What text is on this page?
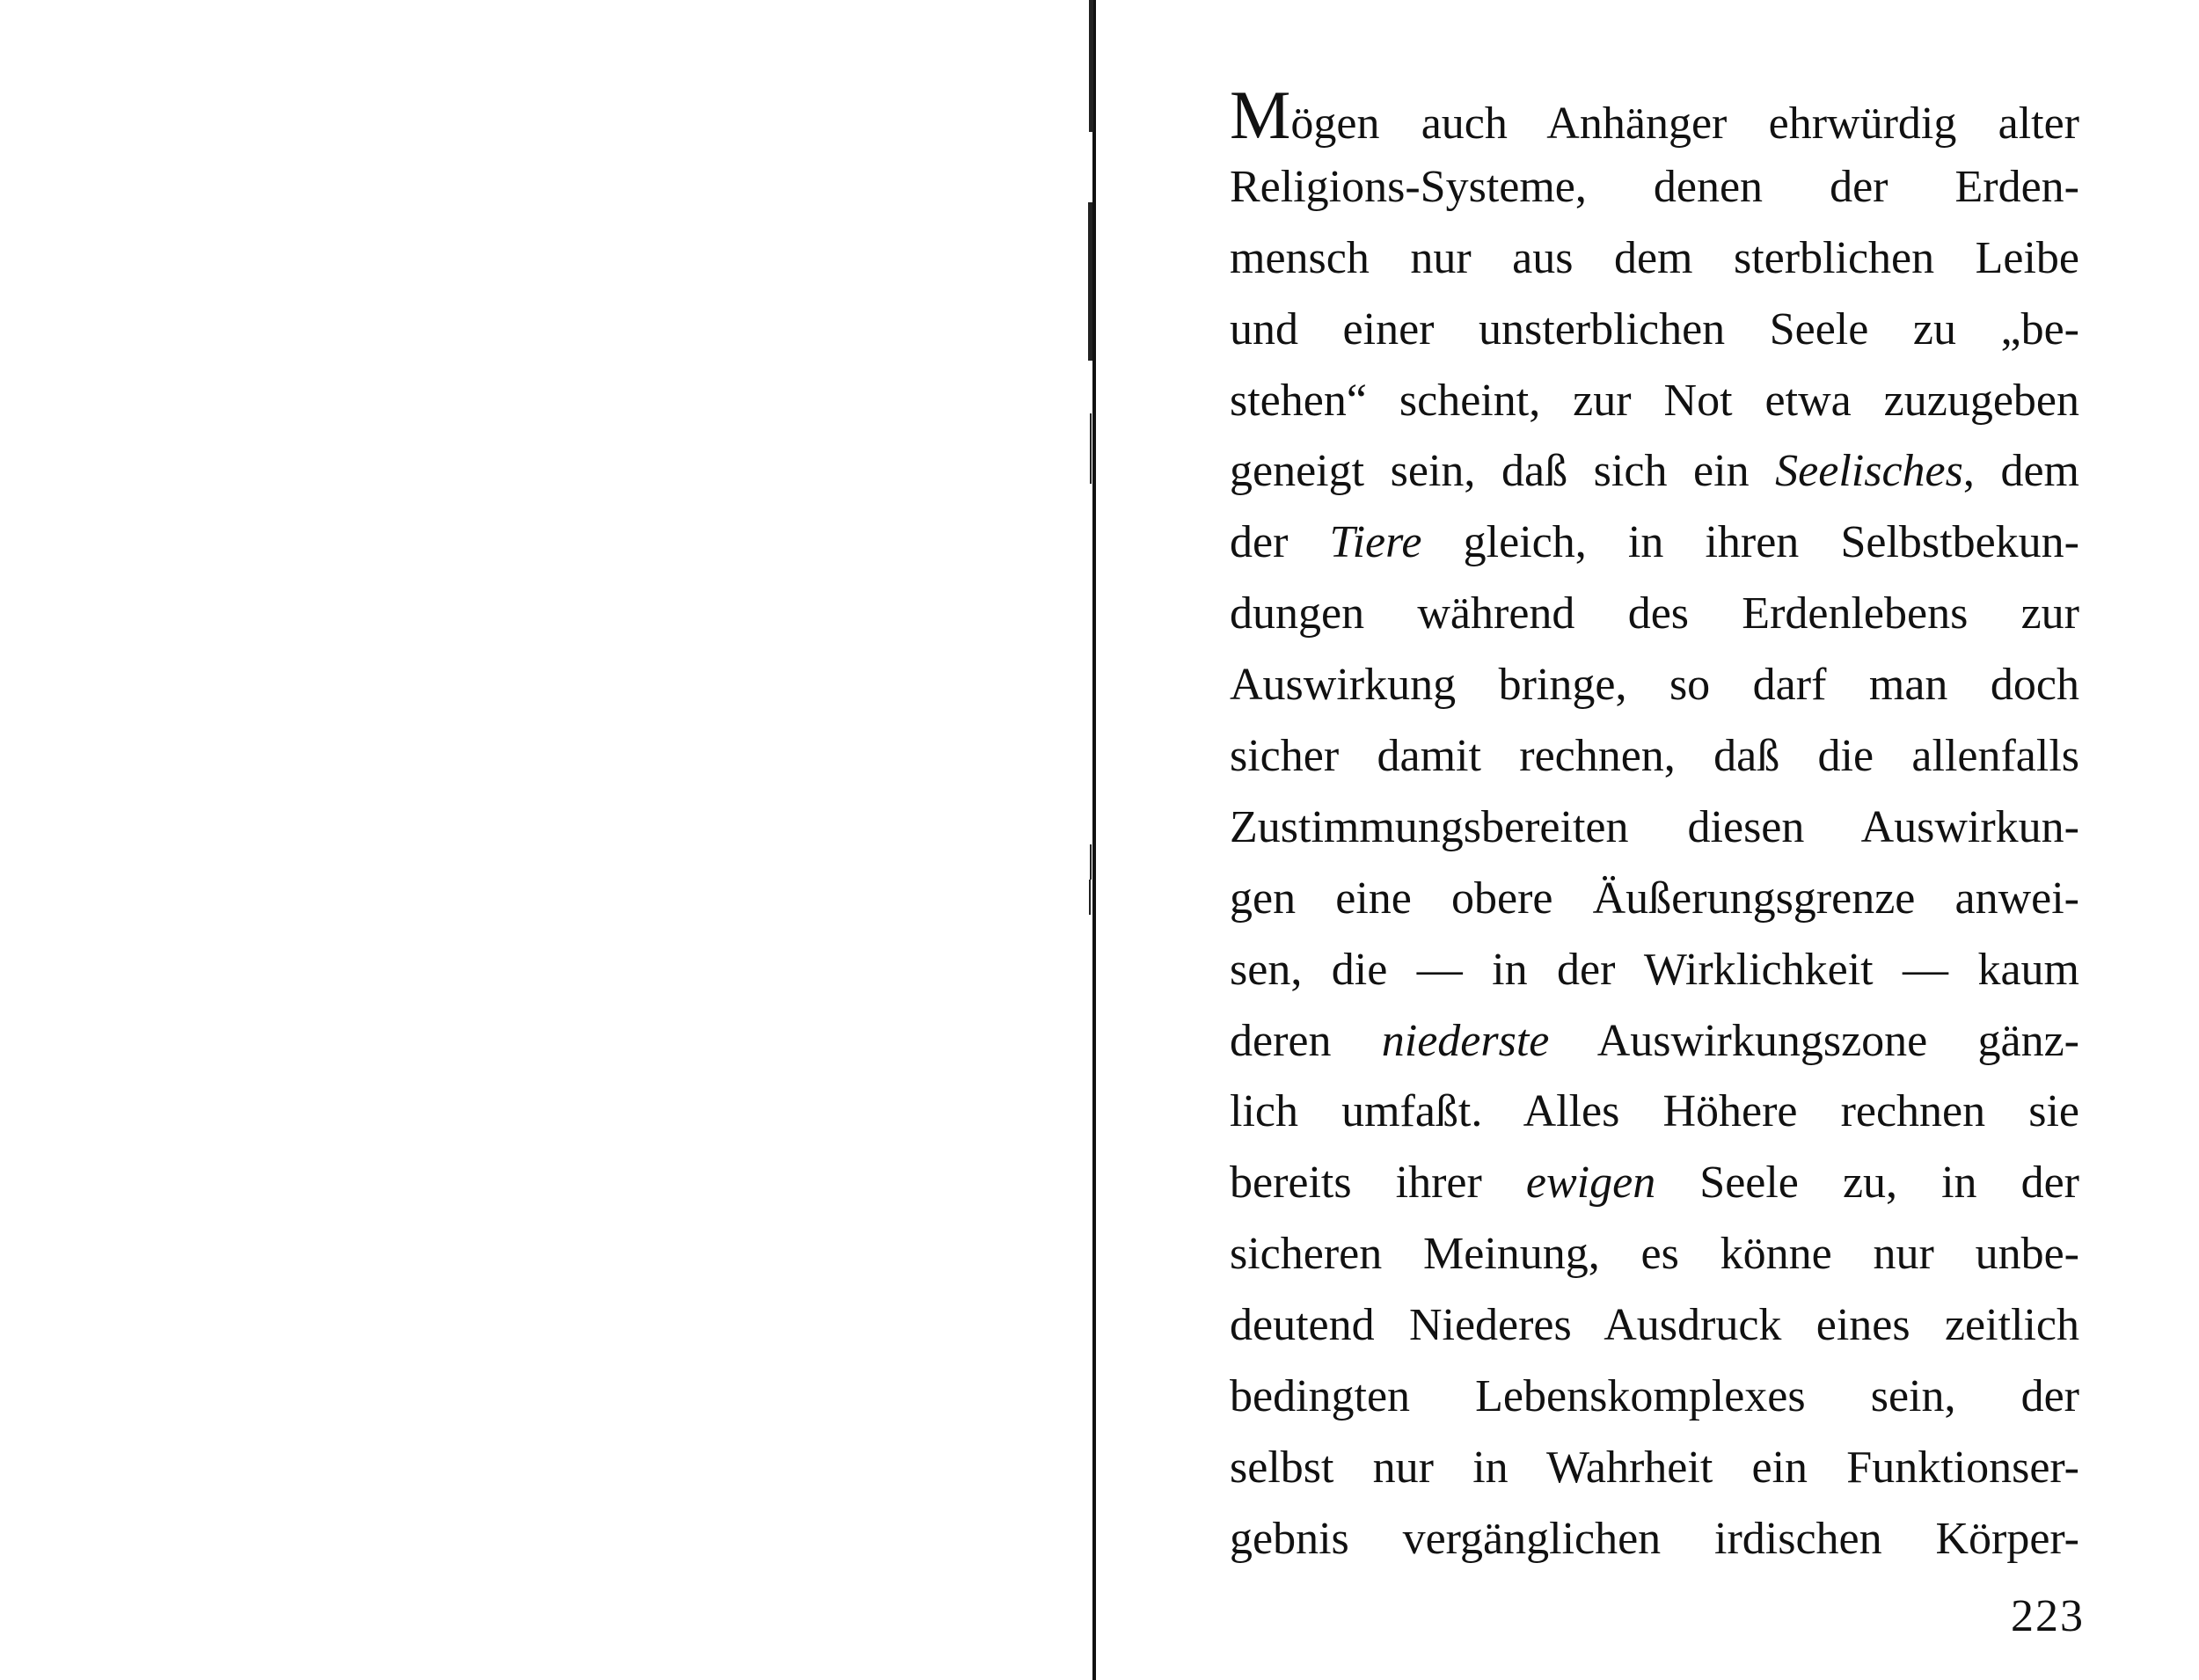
Mögen auch Anhänger ehrwürdig alter
Religions-Systeme, denen der Erden-
mensch nur aus dem sterblichen Leibe
und einer unsterblichen Seele zu „be-
stehen“ scheint, zur Not etwa zuzugeben
geneigt sein, daß sich ein Seelisches, dem
der Tiere gleich, in ihren Selbstbekun-
dungen während des Erdenlebens zur
Auswirkung bringe, so darf man doch
sicher damit rechnen, daß die allenfalls
Zustimmungsbereiten diesen Auswirkun-
gen eine obere Äußerungsgrenze anwei-
sen, die — in der Wirklichkeit — kaum
deren niederste Auswirkungszone gänz-
lich umfaßt. Alles Höhere rechnen sie
bereits ihrer ewigen Seele zu, in der
sicheren Meinung, es könne nur unbe-
deutend Niederes Ausdruck eines zeitlich
bedingten Lebenskomplexes sein, der
selbst nur in Wahrheit ein Funktionser-
gebnis vergänglichen irdischen Körper-
223
